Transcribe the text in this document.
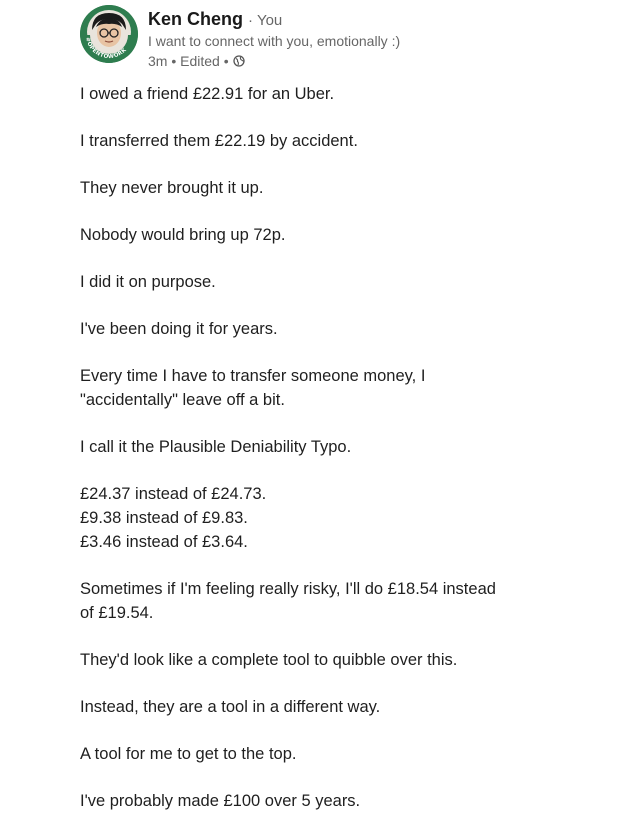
#OPENTOWORK
Ken Cheng · You
I want to connect with you, emotionally :)
3m • Edited •

I owed a friend £22.91 for an Uber.

I transferred them £22.19 by accident.

They never brought it up.

Nobody would bring up 72p.

I did it on purpose.

I've been doing it for years.

Every time I have to transfer someone money, I
"accidentally" leave off a bit.

I call it the Plausible Deniability Typo.

£24.37 instead of £24.73.
£9.38 instead of £9.83.
£3.46 instead of £3.64.

Sometimes if I'm feeling really risky, I'll do £18.54 instead
of £19.54.

They'd look like a complete tool to quibble over this.

Instead, they are a tool in a different way.

A tool for me to get to the top.

I've probably made £100 over 5 years.
